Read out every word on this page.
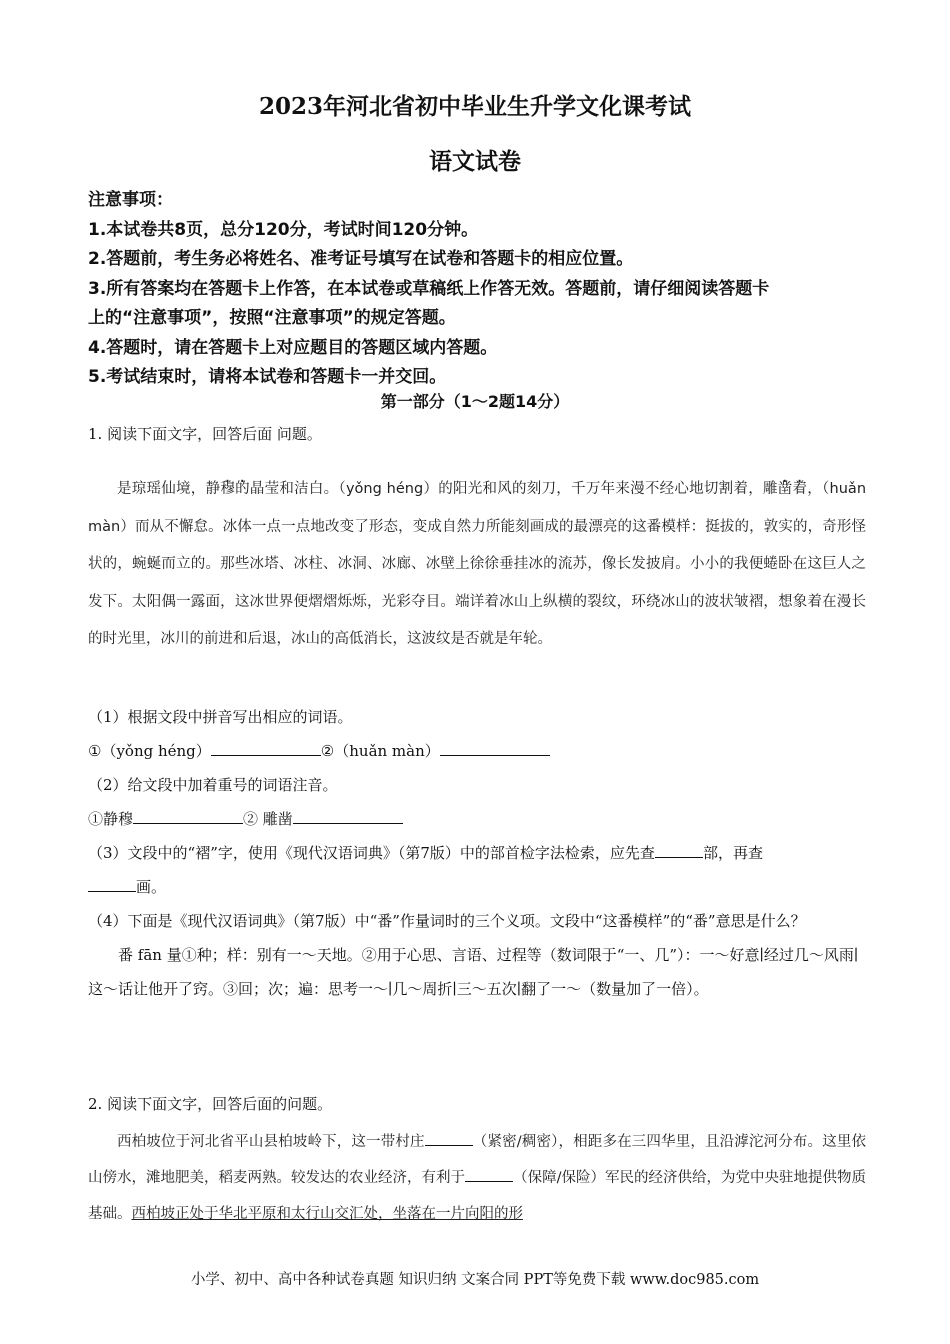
2023年河北省初中毕业生升学文化课考试
语文试卷
注意事项：
1.本试卷共8页，总分120分，考试时间120分钟。
2.答题前，考生务必将姓名、准考证号填写在试卷和答题卡的相应位置。
3.所有答案均在答题卡上作答，在本试卷或草稿纸上作答无效。答题前，请仔细阅读答题卡
上的“注意事项”，按照“注意事项”的规定答题。
4.答题时，请在答题卡上对应题目的答题区域内答题。
5.考试结束时，请将本试卷和答题卡一并交回。
第一部分（1～2题14分）
1. 阅读下面文字，回答后面 问题。

是琼瑶仙境，静穆的晶莹和洁白。（yǒng héng）的阳光和风的刻刀，千万年来漫不经心地切割着，雕凿着，（huǎn màn）而从不懈怠。冰体一点一点地改变了形态，变成自然力所能刻画成的最漂亮的这番模样：挺拔的，敦实的，奇形怪状的，蜿蜒而立的。那些冰塔、冰柱、冰洞、冰廊、冰壁上徐徐垂挂冰的流苏，像长发披肩。小小的我便蜷卧在这巨人之发下。太阳偶一露面，这冰世界便熠熠烁烁，光彩夺目。端详着冰山上纵横的裂纹，环绕冰山的波状皱褶，想象着在漫长的时光里，冰川的前进和后退，冰山的高低消长，这波纹是否就是年轮。

（1）根据文段中拼音写出相应的词语。
①（yǒng héng）	②（huǎn màn）
（2）给文段中加着重号的词语注音。
①静穆	② 雕凿
（3）文段中的“褶”字，使用《现代汉语词典》（第7版）中的部首检字法检索，应先查	部，再查
画。
（4）下面是《现代汉语词典》（第7版）中“番”作量词时的三个义项。文段中“这番模样”的“番”意思是什么？
番 fān 量①种；样：别有一～天地。②用于心思、言语、过程等（数词限于“一、几”）：一～好意∣经过几～风雨∣这～话让他开了窍。③回；次；遍：思考一～∣几～周折∣三～五次∣翻了一～（数量加了一倍）。
2. 阅读下面文字，回答后面的问题。

西柏坡位于河北省平山县柏坡岭下，这一带村庄	（紧密/稠密），相距多在三四华里，且沿滹沱河分布。这里依山傍水，滩地肥美，稻麦两熟。较发达的农业经济，有利于	（保障/保险）军民的经济供给，为党中央驻地提供物质基础。西柏坡正处于华北平原和太行山交汇处，坐落在一片向阳的形

小学、初中、高中各种试卷真题 知识归纳 文案合同 PPT等免费下载 www.doc985.com
